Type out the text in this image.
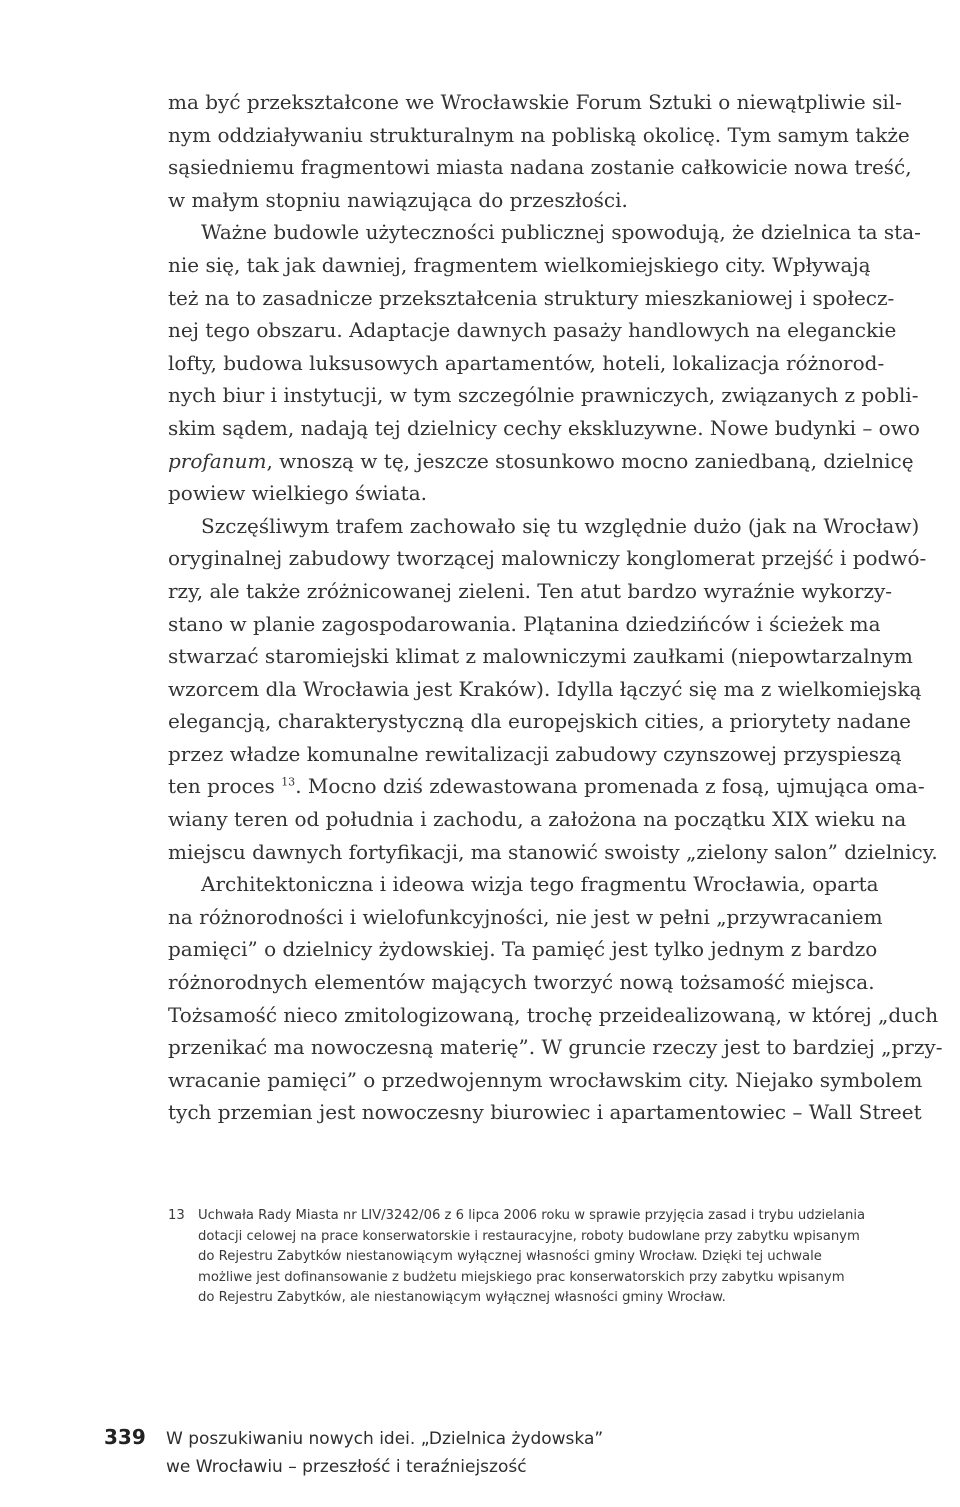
ma być przekształcone we Wrocławskie Forum Sztuki o niewątpliwie sil-
nym oddziaływaniu strukturalnym na pobliską okolicę. Tym samym także
sąsiedniemu fragmentowi miasta nadana zostanie całkowicie nowa treść,
w małym stopniu nawiązująca do przeszłości.
Ważne budowle użyteczności publicznej spowodują, że dzielnica ta sta-
nie się, tak jak dawniej, fragmentem wielkomiejskiego city. Wpływają
też na to zasadnicze przekształcenia struktury mieszkaniowej i społecz-
nej tego obszaru. Adaptacje dawnych pasaży handlowych na eleganckie
lofty, budowa luksusowych apartamentów, hoteli, lokalizacja różnorod-
nych biur i instytucji, w tym szczególnie prawniczych, związanych z pobli-
skim sądem, nadają tej dzielnicy cechy ekskluzywne. Nowe budynki – owo
profanum, wnoszą w tę, jeszcze stosunkowo mocno zaniedbaną, dzielnicę
powiew wielkiego świata.
Szczęśliwym trafem zachowało się tu względnie dużo (jak na Wrocław)
oryginalnej zabudowy tworzącej malowniczy konglomerat przejść i podwó-
rzy, ale także zróżnicowanej zieleni. Ten atut bardzo wyraźnie wykorzy-
stano w planie zagospodarowania. Plątanina dziedzińców i ścieżek ma
stwarzać staromiejski klimat z malowniczymi zaułkami (niepowtarzalnym
wzorcem dla Wrocławia jest Kraków). Idylla łączyć się ma z wielkomiejską
elegancją, charakterystyczną dla europejskich cities, a priorytety nadane
przez władze komunalne rewitalizacji zabudowy czynszowej przyspieszą
ten proces $^{13}$. Mocno dziś zdewastowana promenada z fosą, ujmująca oma-
wiany teren od południa i zachodu, a założona na początku XIX wieku na
miejscu dawnych fortyfikacji, ma stanowić swoisty „zielony salon” dzielnicy.
Architektoniczna i ideowa wizja tego fragmentu Wrocławia, oparta
na różnorodności i wielofunkcyjności, nie jest w pełni „przywracaniem
pamięci” o dzielnicy żydowskiej. Ta pamięć jest tylko jednym z bardzo
różnorodnych elementów mających tworzyć nową tożsamość miejsca.
Tożsamość nieco zmitologizowaną, trochę przeidealizowaną, w której „duch
przenikać ma nowoczesną materię”. W gruncie rzeczy jest to bardziej „przy-
wracanie pamięci” o przedwojennym wrocławskim city. Niejako symbolem
tych przemian jest nowoczesny biurowiec i apartamentowiec – Wall Street
13 Uchwała Rady Miasta nr LIV/3242/06 z 6 lipca 2006 roku w sprawie przyjęcia zasad i trybu udzielania
dotacji celowej na prace konserwatorskie i restauracyjne, roboty budowlane przy zabytku wpisanym
do Rejestru Zabytków niestanowiącym wyłącznej własności gminy Wrocław. Dzięki tej uchwale
możliwe jest dofinansowanie z budżetu miejskiego prac konserwatorskich przy zabytku wpisanym
do Rejestru Zabytków, ale niestanowiącym wyłącznej własności gminy Wrocław.
339 W poszukiwaniu nowych idei. „Dzielnica żydowska”
we Wrocławiu – przeszłość i teraźniejszość
